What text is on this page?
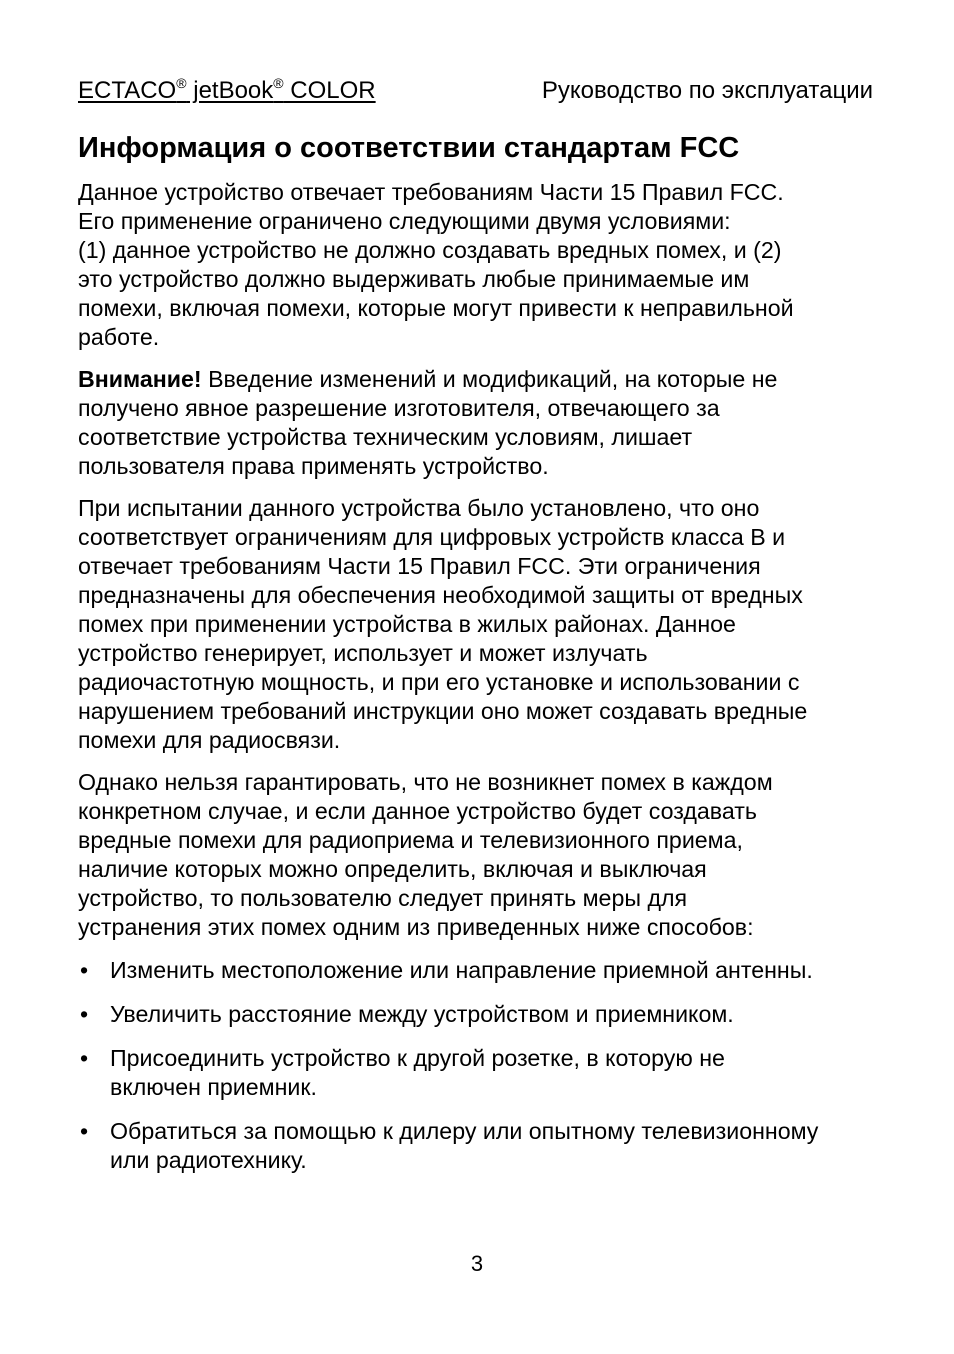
ECTACO® jetBook® COLOR	Руководство по эксплуатации
Информация о соответствии стандартам FCC

Данное устройство отвечает требованиям Части 15 Правил FCC.
Его применение ограничено следующими двумя условиями:
(1) данное устройство не должно создавать вредных помех, и (2)
это устройство должно выдерживать любые принимаемые им
помехи, включая помехи, которые могут привести к неправильной
работе.

Внимание! Введение изменений и модификаций, на которые не
получено явное разрешение изготовителя, отвечающего за
соответствие устройства техническим условиям, лишает
пользователя права применять устройство.

При испытании данного устройства было установлено, что оно
соответствует ограничениям для цифровых устройств класса В и
отвечает требованиям Части 15 Правил FCC. Эти ограничения
предназначены для обеспечения необходимой защиты от вредных
помех при применении устройства в жилых районах. Данное
устройство генерирует, использует и может излучать
радиочастотную мощность, и при его установке и использовании с
нарушением требований инструкции оно может создавать вредные
помехи для радиосвязи.

Однако нельзя гарантировать, что не возникнет помех в каждом
конкретном случае, и если данное устройство будет создавать
вредные помехи для радиоприема и телевизионного приема,
наличие которых можно определить, включая и выключая
устройство, то пользователю следует принять меры для
устранения этих помех одним из приведенных ниже способов:

• Изменить местоположение или направление приемной антенны.
• Увеличить расстояние между устройством и приемником.
• Присоединить устройство к другой розетке, в которую не
включен приемник.
• Обратиться за помощью к дилеру или опытному телевизионному
или радиотехнику.
3
